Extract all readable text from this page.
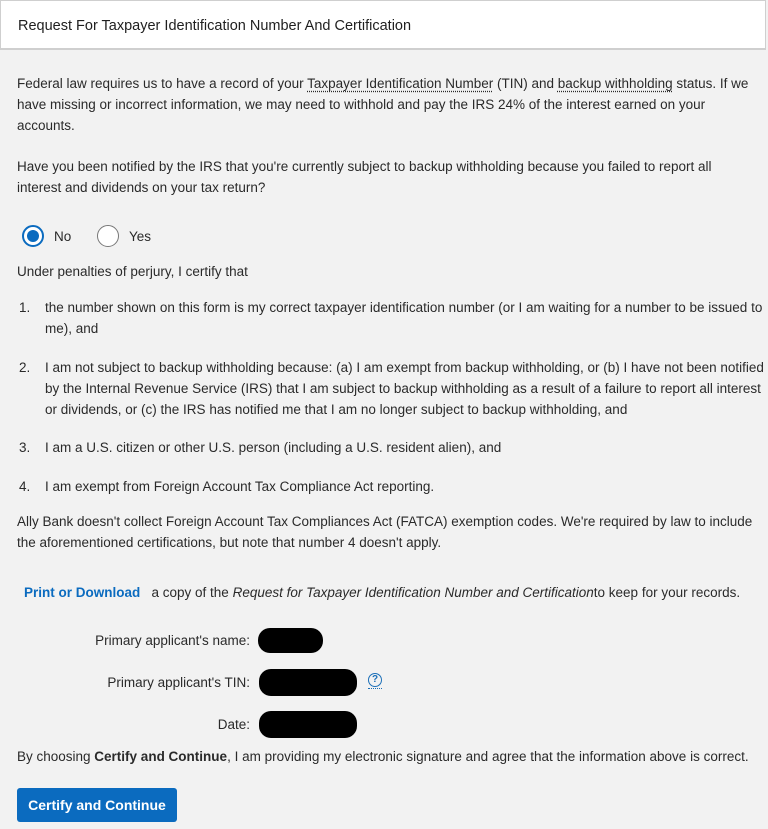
Request For Taxpayer Identification Number And Certification

Federal law requires us to have a record of your Taxpayer Identification Number (TIN) and backup withholding status. If we have missing or incorrect information, we may need to withhold and pay the IRS 24% of the interest earned on your accounts.

Have you been notified by the IRS that you're currently subject to backup withholding because you failed to report all interest and dividends on your tax return?

No	Yes

Under penalties of perjury, I certify that

1. the number shown on this form is my correct taxpayer identification number (or I am waiting for a number to be issued to me), and
2. I am not subject to backup withholding because: (a) I am exempt from backup withholding, or (b) I have not been notified by the Internal Revenue Service (IRS) that I am subject to backup withholding as a result of a failure to report all interest or dividends, or (c) the IRS has notified me that I am no longer subject to backup withholding, and
3. I am a U.S. citizen or other U.S. person (including a U.S. resident alien), and
4. I am exempt from Foreign Account Tax Compliance Act reporting.

Ally Bank doesn't collect Foreign Account Tax Compliances Act (FATCA) exemption codes. We're required by law to include the aforementioned certifications, but note that number 4 doesn't apply.

Print or Download a copy of the Request for Taxpayer Identification Number and Certificationto keep for your records.

Primary applicant's name:
Primary applicant's TIN:	?
Date:

By choosing Certify and Continue, I am providing my electronic signature and agree that the information above is correct.

Certify and Continue
